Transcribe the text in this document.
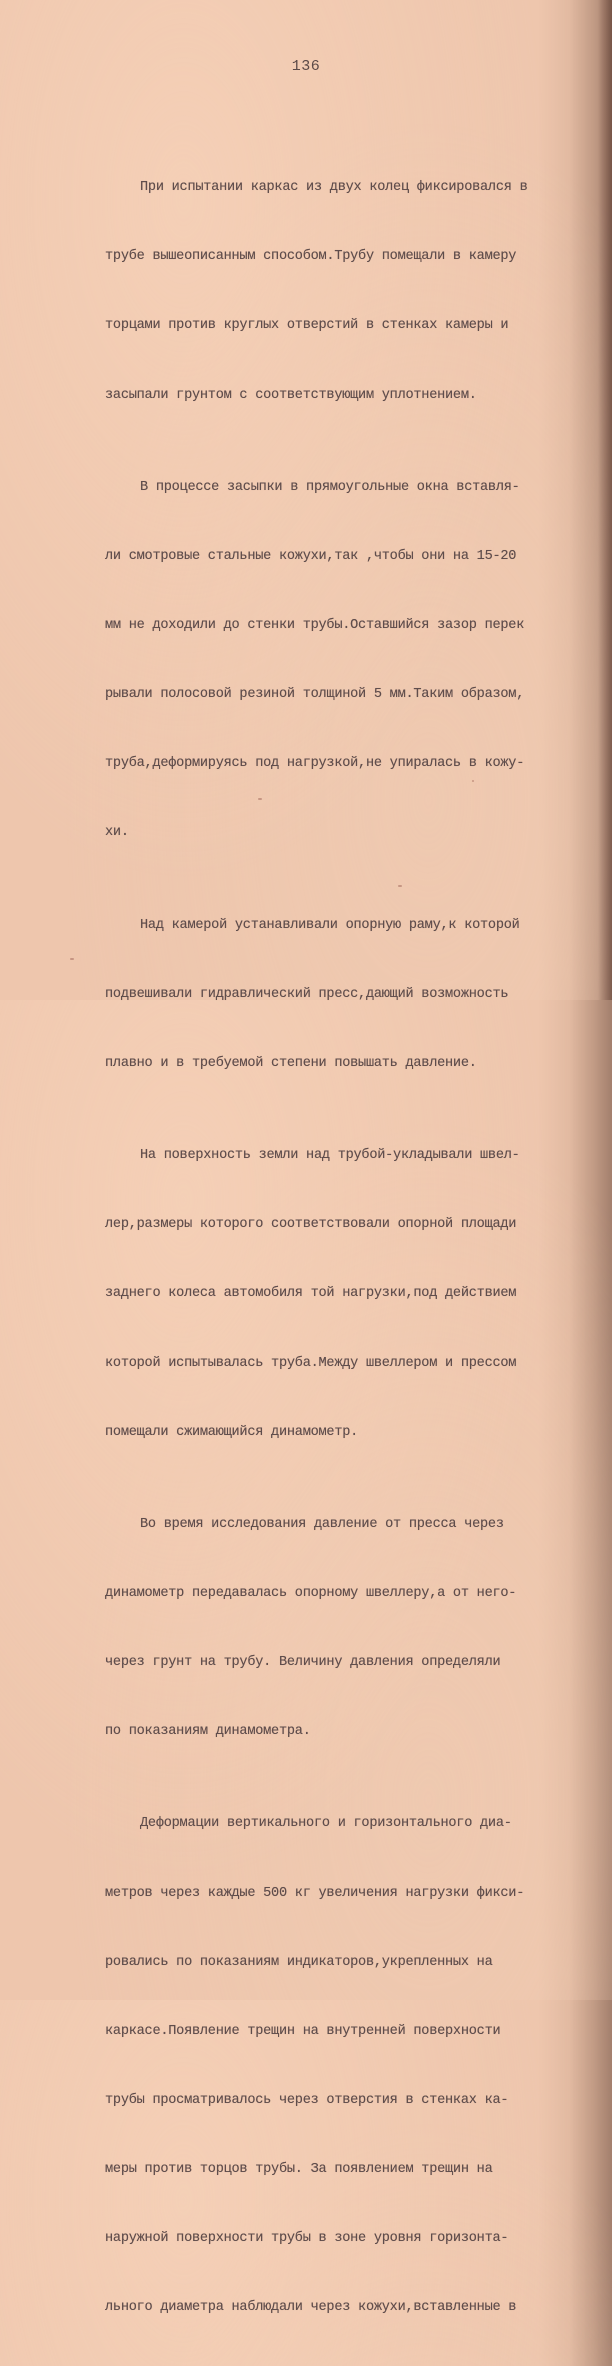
136

При испытании каркас из двух колец фиксировался в

трубе вышеописанным способом.Трубу помещали в камеру

торцами против круглых отверстий в стенках камеры и

засыпали грунтом с соответствующим уплотнением.

В процессе засыпки в прямоугольные окна вставля-

ли смотровые стальные кожухи,так ,чтобы они на 15-20

мм не доходили до стенки трубы.Оставшийся зазор перек

рывали полосовой резиной толщиной 5 мм.Таким образом,

труба,деформируясь под нагрузкой,не упиралась в кожу-

хи.

Над камерой устанавливали опорную раму,к которой

подвешивали гидравлический пресс,дающий возможность

плавно и в требуемой степени повышать давление.

На поверхность земли над трубой-укладывали швел-

лер,размеры которого соответствовали опорной площади

заднего колеса автомобиля той нагрузки,под действием

которой испытывалась труба.Между швеллером и прессом

помещали сжимающийся динамометр.

Во время исследования давление от пресса через

динамометр передавалась опорному швеллеру,а от него-

через грунт на трубу. Величину давления определяли

по показаниям динамометра.

Деформации вертикального и горизонтального диа-

метров через каждые 500 кг увеличения нагрузки фикси-

ровались по показаниям индикаторов,укрепленных на

каркасе.Появление трещин на внутренней поверхности

трубы просматривалось через отверстия в стенках ка-

меры против торцов трубы. За появлением трещин на

наружной поверхности трубы в зоне уровня горизонта-

льного диаметра наблюдали через кожухи,вставленные в
